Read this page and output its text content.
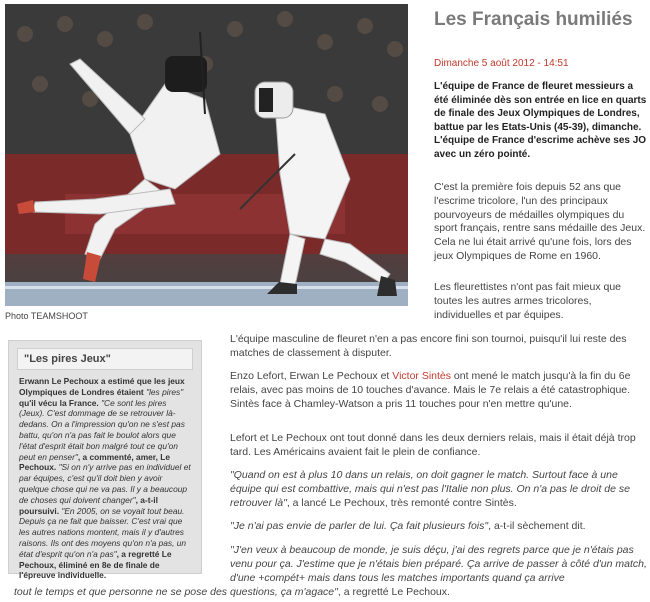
Photo TEAMSHOOT
Les Français humiliés
Dimanche 5 août 2012 - 14:51

L'équipe de France de fleuret messieurs a été éliminée dès son entrée en lice en quarts de finale des Jeux Olympiques de Londres, battue par les Etats-Unis (45-39), dimanche. L'équipe de France d'escrime achève ses JO avec un zéro pointé.

C'est la première fois depuis 52 ans que l'escrime tricolore, l'un des principaux pourvoyeurs de médailles olympiques du sport français, rentre sans médaille des Jeux. Cela ne lui était arrivé qu'une fois, lors des jeux Olympiques de Rome en 1960.

Les fleurettistes n'ont pas fait mieux que toutes les autres armes tricolores, individuelles et par équipes.

"Les pires Jeux"
Erwann Le Pechoux a estimé que les jeux Olympiques de Londres étaient "les pires" qu'il vécu la France. "Ce sont les pires (Jeux). C'est dommage de se retrouver là-dedans. On a l'impression qu'on ne s'est pas battu, qu'on n'a pas fait le boulot alors que l'état d'esprit était bon malgré tout ce qu'on peut en penser", a commenté, amer, Le Pechoux. "Si on n'y arrive pas en individuel et par équipes, c'est qu'il doit bien y avoir quelque chose qui ne va pas. Il y a beaucoup de choses qui doivent changer", a-t-il poursuivi. "En 2005, on se voyait tout beau. Depuis ça ne fait que baisser. C'est vrai que les autres nations montent, mais il y d'autres raisons. Ils ont des moyens qu'on n'a pas, un état d'esprit qu'on n'a pas", a regretté Le Pechoux, éliminé en 8e de finale de l'épreuve individuelle.

L'équipe masculine de fleuret n'en a pas encore fini son tournoi, puisqu'il lui reste des matches de classement à disputer.

Enzo Lefort, Erwan Le Pechoux et Victor Sintès ont mené le match jusqu'à la fin du 6e relais, avec pas moins de 10 touches d'avance. Mais le 7e relais a été catastrophique. Sintès face à Chamley-Watson a pris 11 touches pour n'en mettre qu'une.

Lefort et Le Pechoux ont tout donné dans les deux derniers relais, mais il était déjà trop tard. Les Américains avaient fait le plein de confiance.

"Quand on est à plus 10 dans un relais, on doit gagner le match. Surtout face à une équipe qui est combattive, mais qui n'est pas l'Italie non plus. On n'a pas le droit de se retrouver là", a lancé Le Pechoux, très remonté contre Sintès.

"Je n'ai pas envie de parler de lui. Ça fait plusieurs fois", a-t-il sèchement dit.

"J'en veux à beaucoup de monde, je suis déçu, j'ai des regrets parce que je n'étais pas venu pour ça. J'estime que je n'étais bien préparé. Ça arrive de passer à côté d'un match, d'une +compét+ mais dans tous les matches importants quand ça arrive

tout le temps et que personne ne se pose des questions, ça m'agace", a regretté Le Pechoux.
